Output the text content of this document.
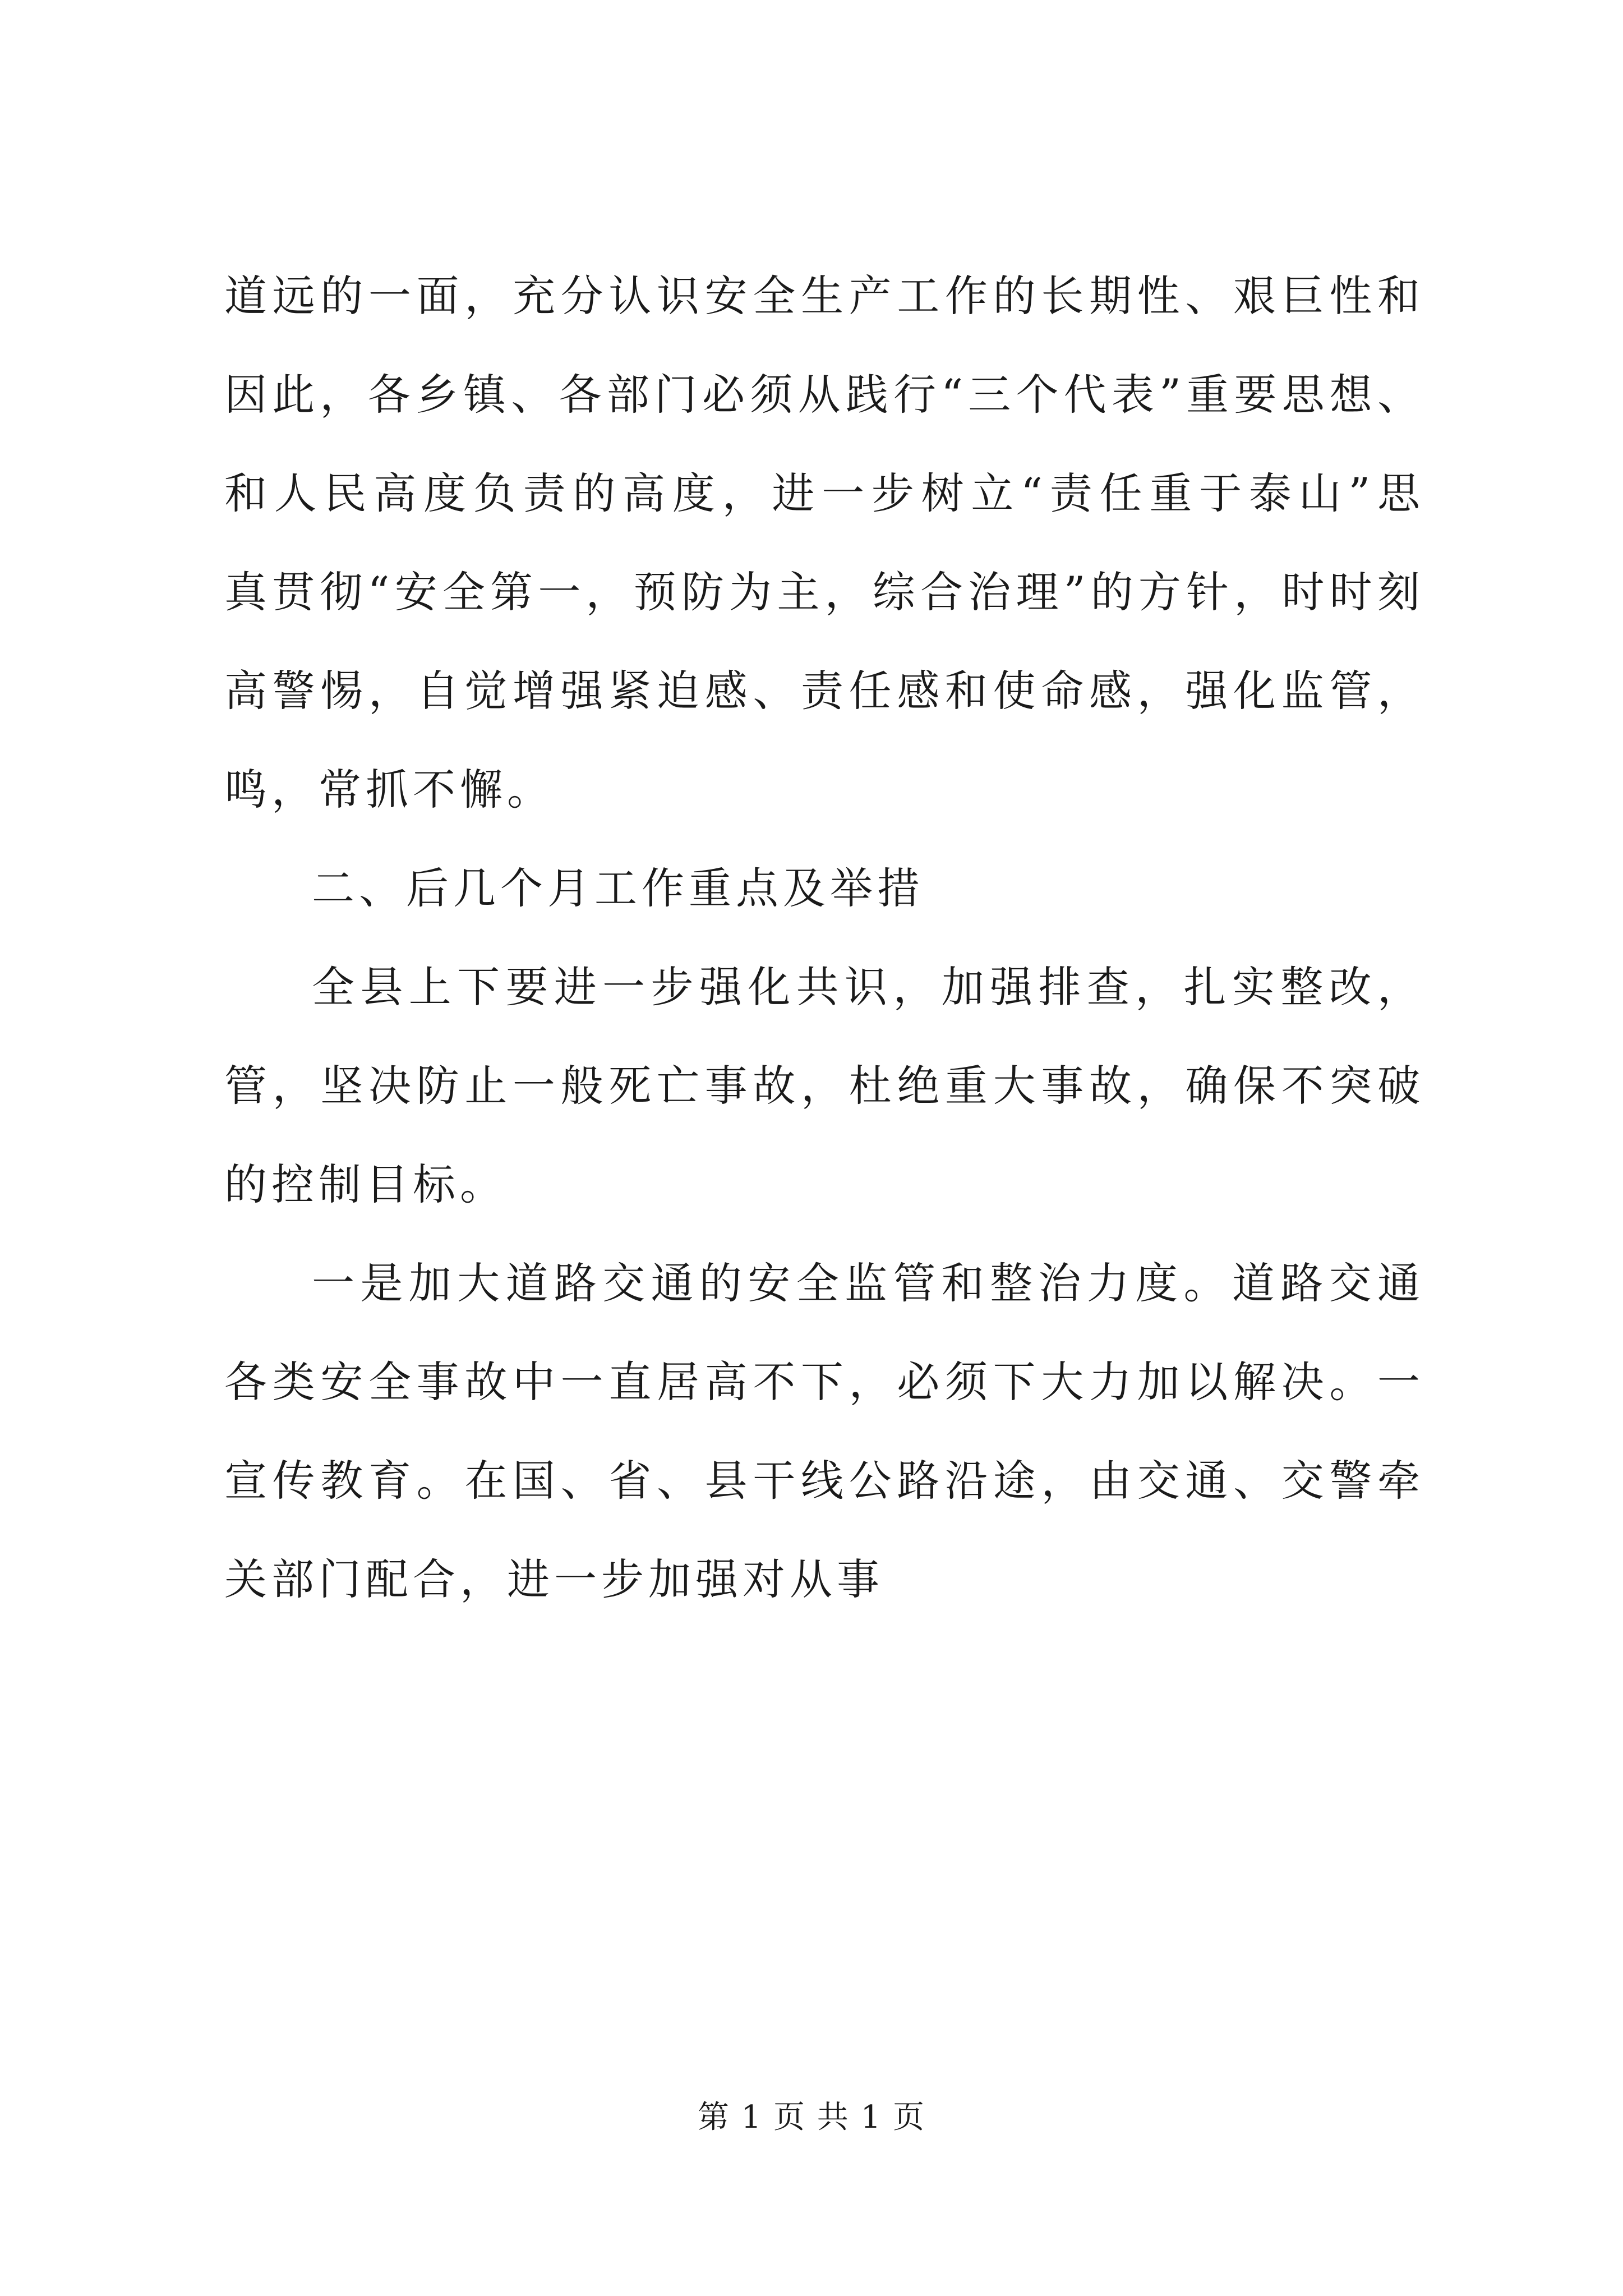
道远的一面，充分认识安全生产工作的长期性、艰巨性和
因此，各乡镇、各部门必须从践行“三个代表”重要思想、
和人民高度负责的高度，进一步树立“责任重于泰山”思
真贯彻“安全第一，预防为主，综合治理”的方针，时时刻
高警惕，自觉增强紧迫感、责任感和使命感，强化监管，
鸣，常抓不懈。
二、后几个月工作重点及举措
全县上下要进一步强化共识，加强排查，扎实整改，
管，坚决防止一般死亡事故，杜绝重大事故，确保不突破
的控制目标。
一是加大道路交通的安全监管和整治力度。道路交通
各类安全事故中一直居高不下，必须下大力加以解决。一
宣传教育。在国、省、县干线公路沿途，由交通、交警牵
关部门配合，进一步加强对从事
第 1 页 共 1 页
